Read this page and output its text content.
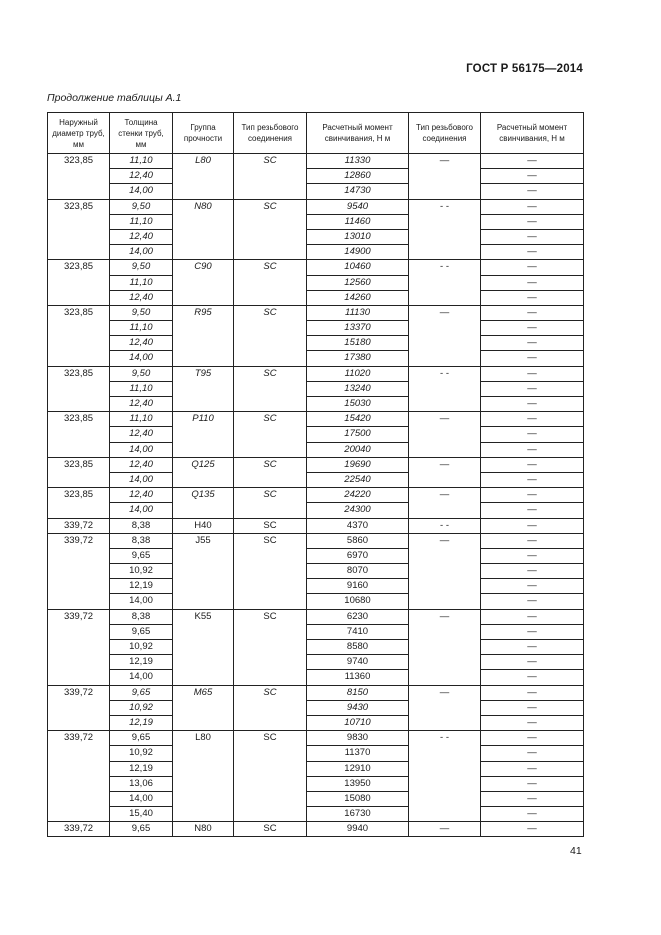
ГОСТ Р 56175—2014
Продолжение таблицы А.1
Наружный диаметр труб, мм	Толщина стенки труб, мм	Группа прочности	Тип резьбового соединения	Расчетный момент свинчивания, Н м	Тип резьбового соединения	Расчетный момент свинчивания, Н м
323,85	11,10	L80	SC	11330	—	—
	12,40			12860		—
	14,00			14730		—
323,85	9,50	N80	SC	9540	- -	—
	11,10			11460		—
	12,40			13010		—
	14,00			14900		—
323,85	9,50	C90	SC	10460	- -	—
	11,10			12560		—
	12,40			14260		—
323,85	9,50	R95	SC	11130	—	—
	11,10			13370		—
	12,40			15180		—
	14,00			17380		—
323,85	9,50	T95	SC	11020	- -	—
	11,10			13240		—
	12,40			15030		—
323,85	11,10	P110	SC	15420	—	—
	12,40			17500		—
	14,00			20040		—
323,85	12,40	Q125	SC	19690	—	—
	14,00			22540		—
323,85	12,40	Q135	SC	24220	—	—
	14,00			24300		—
339,72	8,38	H40	SC	4370	- -	—
339,72	8,38	J55	SC	5860	—	—
	9,65			6970		—
	10,92			8070		—
	12,19			9160		—
	14,00			10680		—
339,72	8,38	K55	SC	6230	—	—
	9,65			7410		—
	10,92			8580		—
	12,19			9740		—
	14,00			11360		—
339,72	9,65	M65	SC	8150	—	—
	10,92			9430		—
	12,19			10710		—
339,72	9,65	L80	SC	9830	- -	—
	10,92			11370		—
	12,19			12910		—
	13,06			13950		—
	14,00			15080		—
	15,40			16730		—
339,72	9,65	N80	SC	9940	—	—
41
